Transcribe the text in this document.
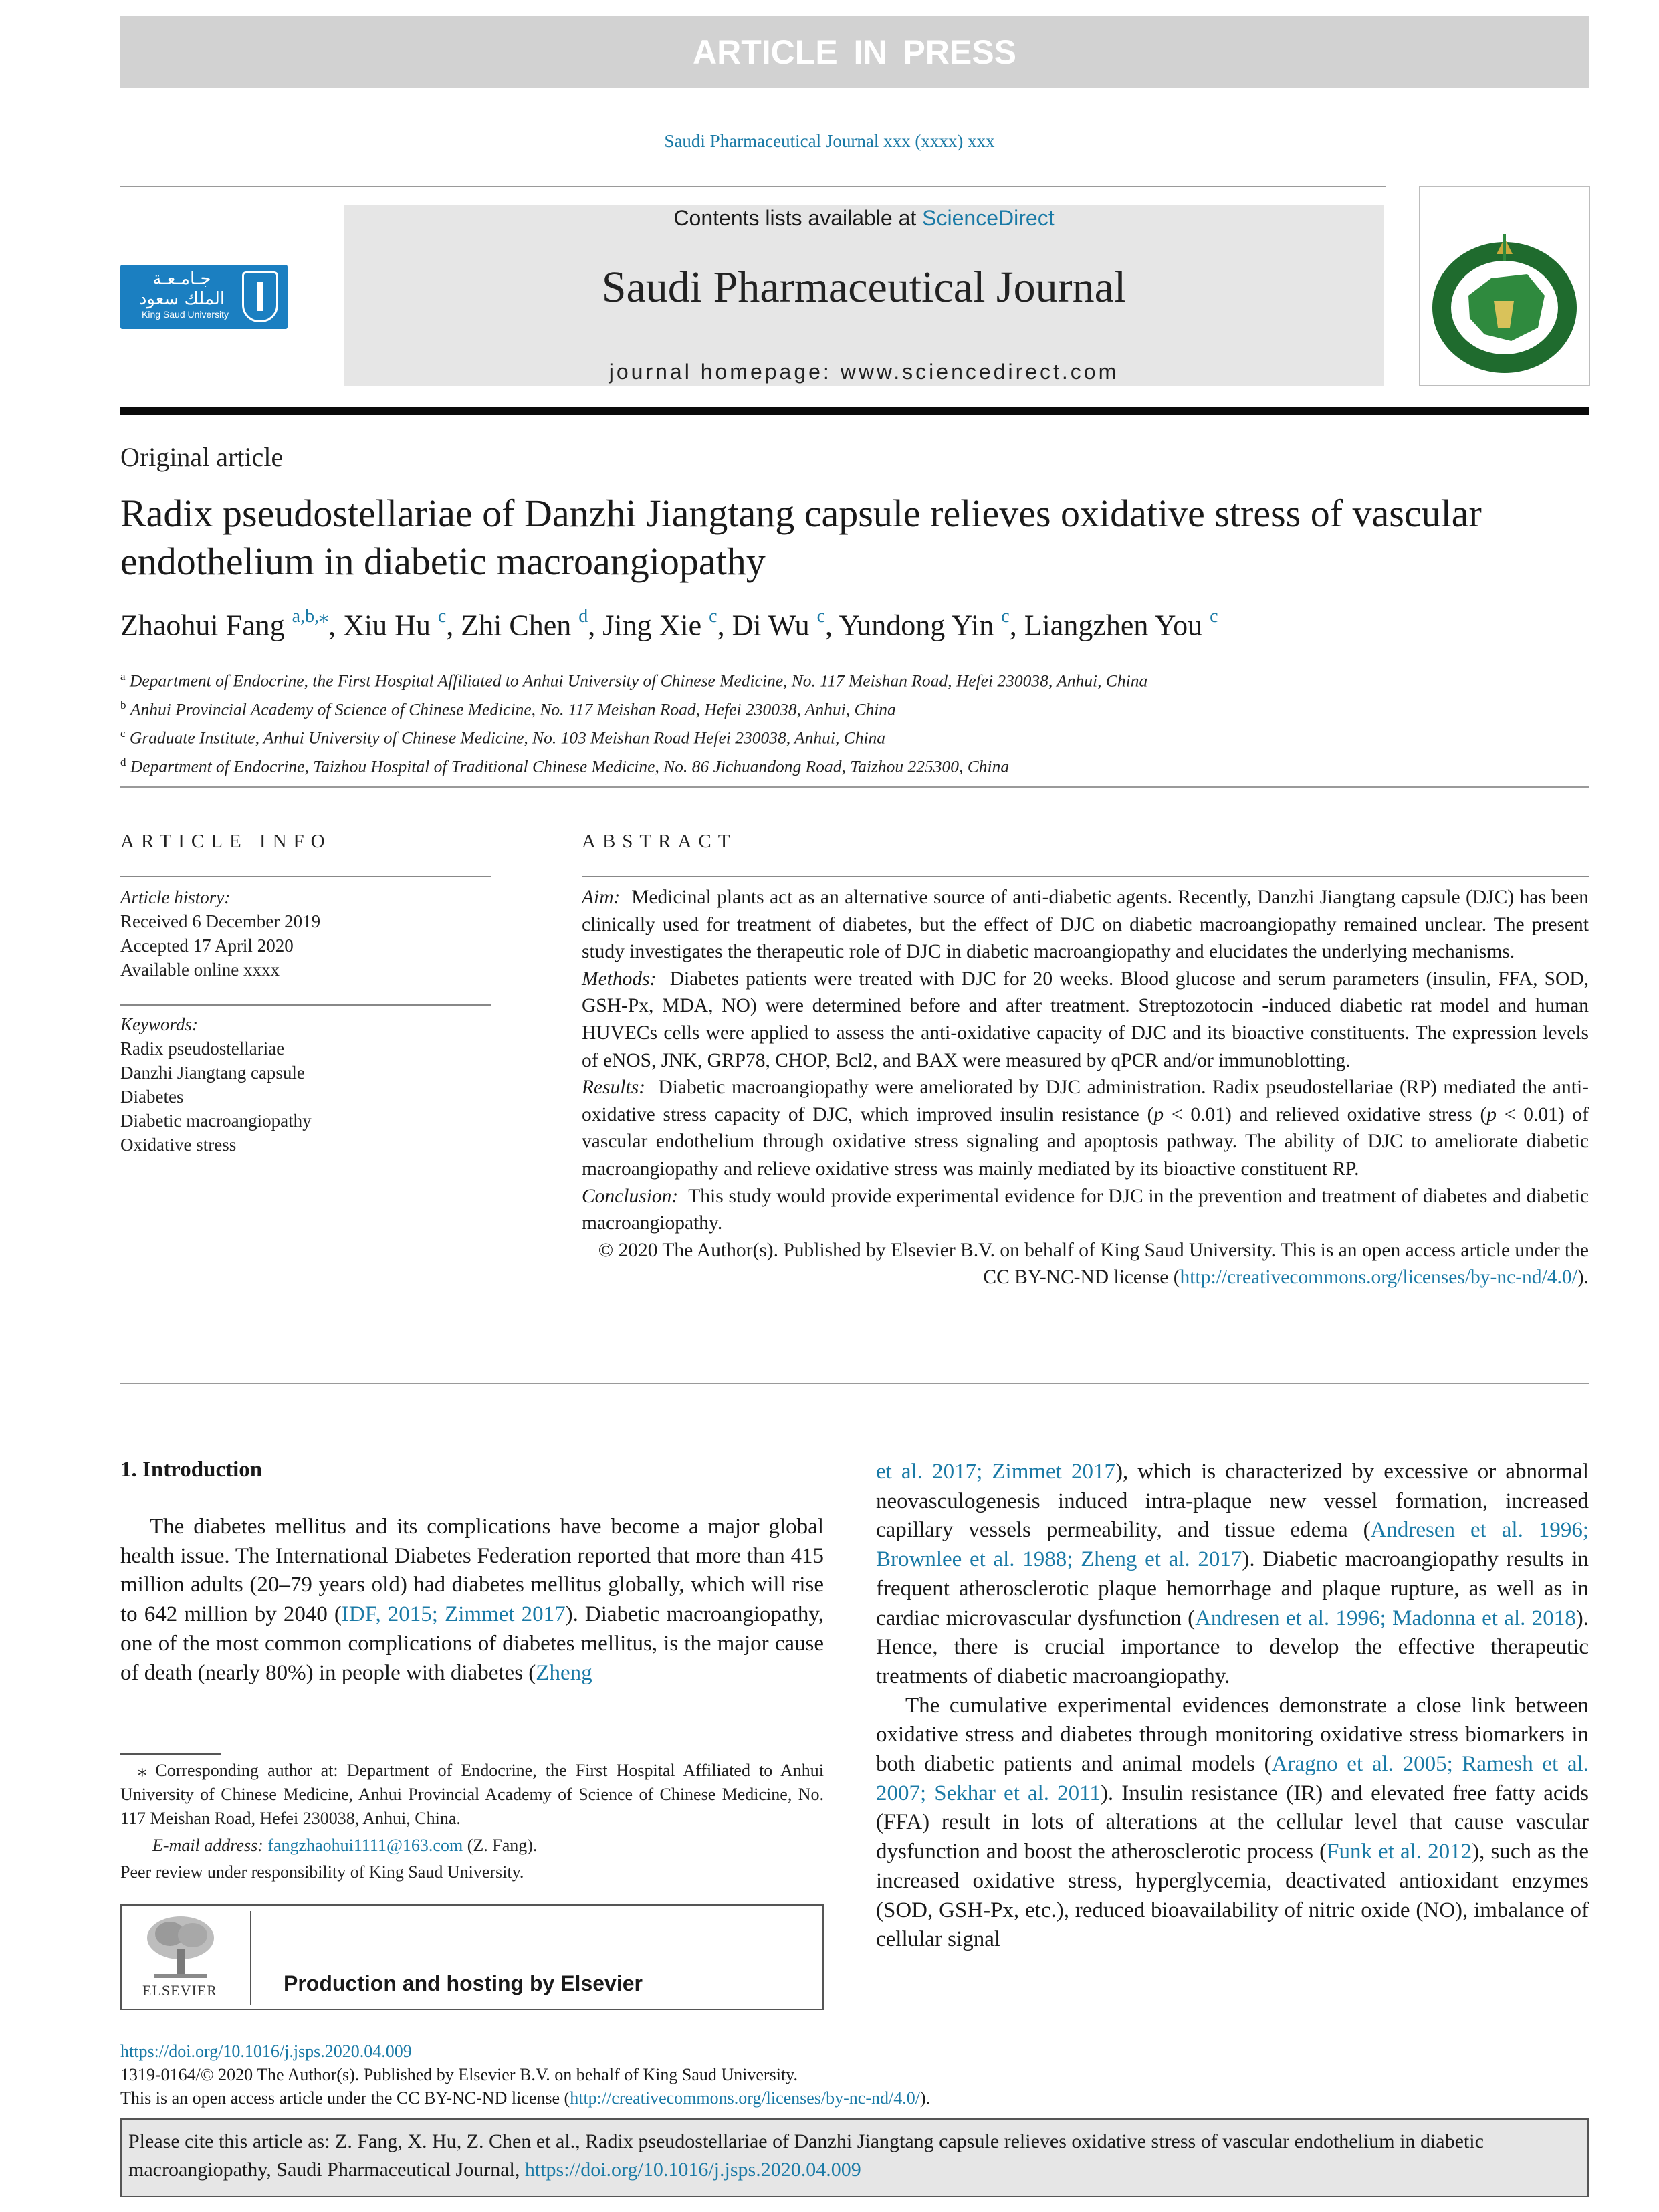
ARTICLE IN PRESS
Saudi Pharmaceutical Journal xxx (xxxx) xxx
جـامـعـة الملك سعود
King Saud University
Contents lists available at ScienceDirect
Saudi Pharmaceutical Journal
journal homepage: www.sciencedirect.com
Original article
Radix pseudostellariae of Danzhi Jiangtang capsule relieves oxidative stress of vascular endothelium in diabetic macroangiopathy
Zhaohui Fang $^{a,b,⁎}$, Xiu Hu $^c$, Zhi Chen $^d$, Jing Xie $^c$, Di Wu $^c$, Yundong Yin $^c$, Liangzhen You $^c$
$^a$ Department of Endocrine, the First Hospital Affiliated to Anhui University of Chinese Medicine, No. 117 Meishan Road, Hefei 230038, Anhui, China
$^b$ Anhui Provincial Academy of Science of Chinese Medicine, No. 117 Meishan Road, Hefei 230038, Anhui, China
$^c$ Graduate Institute, Anhui University of Chinese Medicine, No. 103 Meishan Road Hefei 230038, Anhui, China
$^d$ Department of Endocrine, Taizhou Hospital of Traditional Chinese Medicine, No. 86 Jichuandong Road, Taizhou 225300, China
ARTICLE INFO
Article history:
Received 6 December 2019
Accepted 17 April 2020
Available online xxxx
Keywords:
Radix pseudostellariae
Danzhi Jiangtang capsule
Diabetes
Diabetic macroangiopathy
Oxidative stress
ABSTRACT

Aim: Medicinal plants act as an alternative source of anti-diabetic agents. Recently, Danzhi Jiangtang capsule (DJC) has been clinically used for treatment of diabetes, but the effect of DJC on diabetic macroangiopathy remained unclear. The present study investigates the therapeutic role of DJC in diabetic macroangiopathy and elucidates the underlying mechanisms.

Methods: Diabetes patients were treated with DJC for 20 weeks. Blood glucose and serum parameters (insulin, FFA, SOD, GSH-Px, MDA, NO) were determined before and after treatment. Streptozotocin -induced diabetic rat model and human HUVECs cells were applied to assess the anti-oxidative capacity of DJC and its bioactive constituents. The expression levels of eNOS, JNK, GRP78, CHOP, Bcl2, and BAX were measured by qPCR and/or immunoblotting.

Results: Diabetic macroangiopathy were ameliorated by DJC administration. Radix pseudostellariae (RP) mediated the anti-oxidative stress capacity of DJC, which improved insulin resistance (p < 0.01) and relieved oxidative stress (p < 0.01) of vascular endothelium through oxidative stress signaling and apoptosis pathway. The ability of DJC to ameliorate diabetic macroangiopathy and relieve oxidative stress was mainly mediated by its bioactive constituent RP.

Conclusion: This study would provide experimental evidence for DJC in the prevention and treatment of diabetes and diabetic macroangiopathy.

© 2020 The Author(s). Published by Elsevier B.V. on behalf of King Saud University. This is an open access article under the CC BY-NC-ND license (http://creativecommons.org/licenses/by-nc-nd/4.0/).

1. Introduction
The diabetes mellitus and its complications have become a major global health issue. The International Diabetes Federation reported that more than 415 million adults (20–79 years old) had diabetes mellitus globally, which will rise to 642 million by 2040 (IDF, 2015; Zimmet 2017). Diabetic macroangiopathy, one of the most common complications of diabetes mellitus, is the major cause of death (nearly 80%) in people with diabetes (Zheng

et al. 2017; Zimmet 2017), which is characterized by excessive or abnormal neovasculogenesis induced intra-plaque new vessel formation, increased capillary vessels permeability, and tissue edema (Andresen et al. 1996; Brownlee et al. 1988; Zheng et al. 2017). Diabetic macroangiopathy results in frequent atherosclerotic plaque hemorrhage and plaque rupture, as well as in cardiac microvascular dysfunction (Andresen et al. 1996; Madonna et al. 2018). Hence, there is crucial importance to develop the effective therapeutic treatments of diabetic macroangiopathy.

The cumulative experimental evidences demonstrate a close link between oxidative stress and diabetes through monitoring oxidative stress biomarkers in both diabetic patients and animal models (Aragno et al. 2005; Ramesh et al. 2007; Sekhar et al. 2011). Insulin resistance (IR) and elevated free fatty acids (FFA) result in lots of alterations at the cellular level that cause vascular dysfunction and boost the atherosclerotic process (Funk et al. 2012), such as the increased oxidative stress, hyperglycemia, deactivated antioxidant enzymes (SOD, GSH-Px, etc.), reduced bioavailability of nitric oxide (NO), imbalance of cellular signal

⁎ Corresponding author at: Department of Endocrine, the First Hospital Affiliated to Anhui University of Chinese Medicine, Anhui Provincial Academy of Science of Chinese Medicine, No. 117 Meishan Road, Hefei 230038, Anhui, China.

E-mail address: fangzhaohui1111@163.com (Z. Fang).

Peer review under responsibility of King Saud University.

ELSEVIER	Production and hosting by Elsevier
https://doi.org/10.1016/j.jsps.2020.04.009
1319-0164/© 2020 The Author(s). Published by Elsevier B.V. on behalf of King Saud University.
This is an open access article under the CC BY-NC-ND license (http://creativecommons.org/licenses/by-nc-nd/4.0/).
Please cite this article as: Z. Fang, X. Hu, Z. Chen et al., Radix pseudostellariae of Danzhi Jiangtang capsule relieves oxidative stress of vascular endothelium in diabetic macroangiopathy, Saudi Pharmaceutical Journal, https://doi.org/10.1016/j.jsps.2020.04.009
